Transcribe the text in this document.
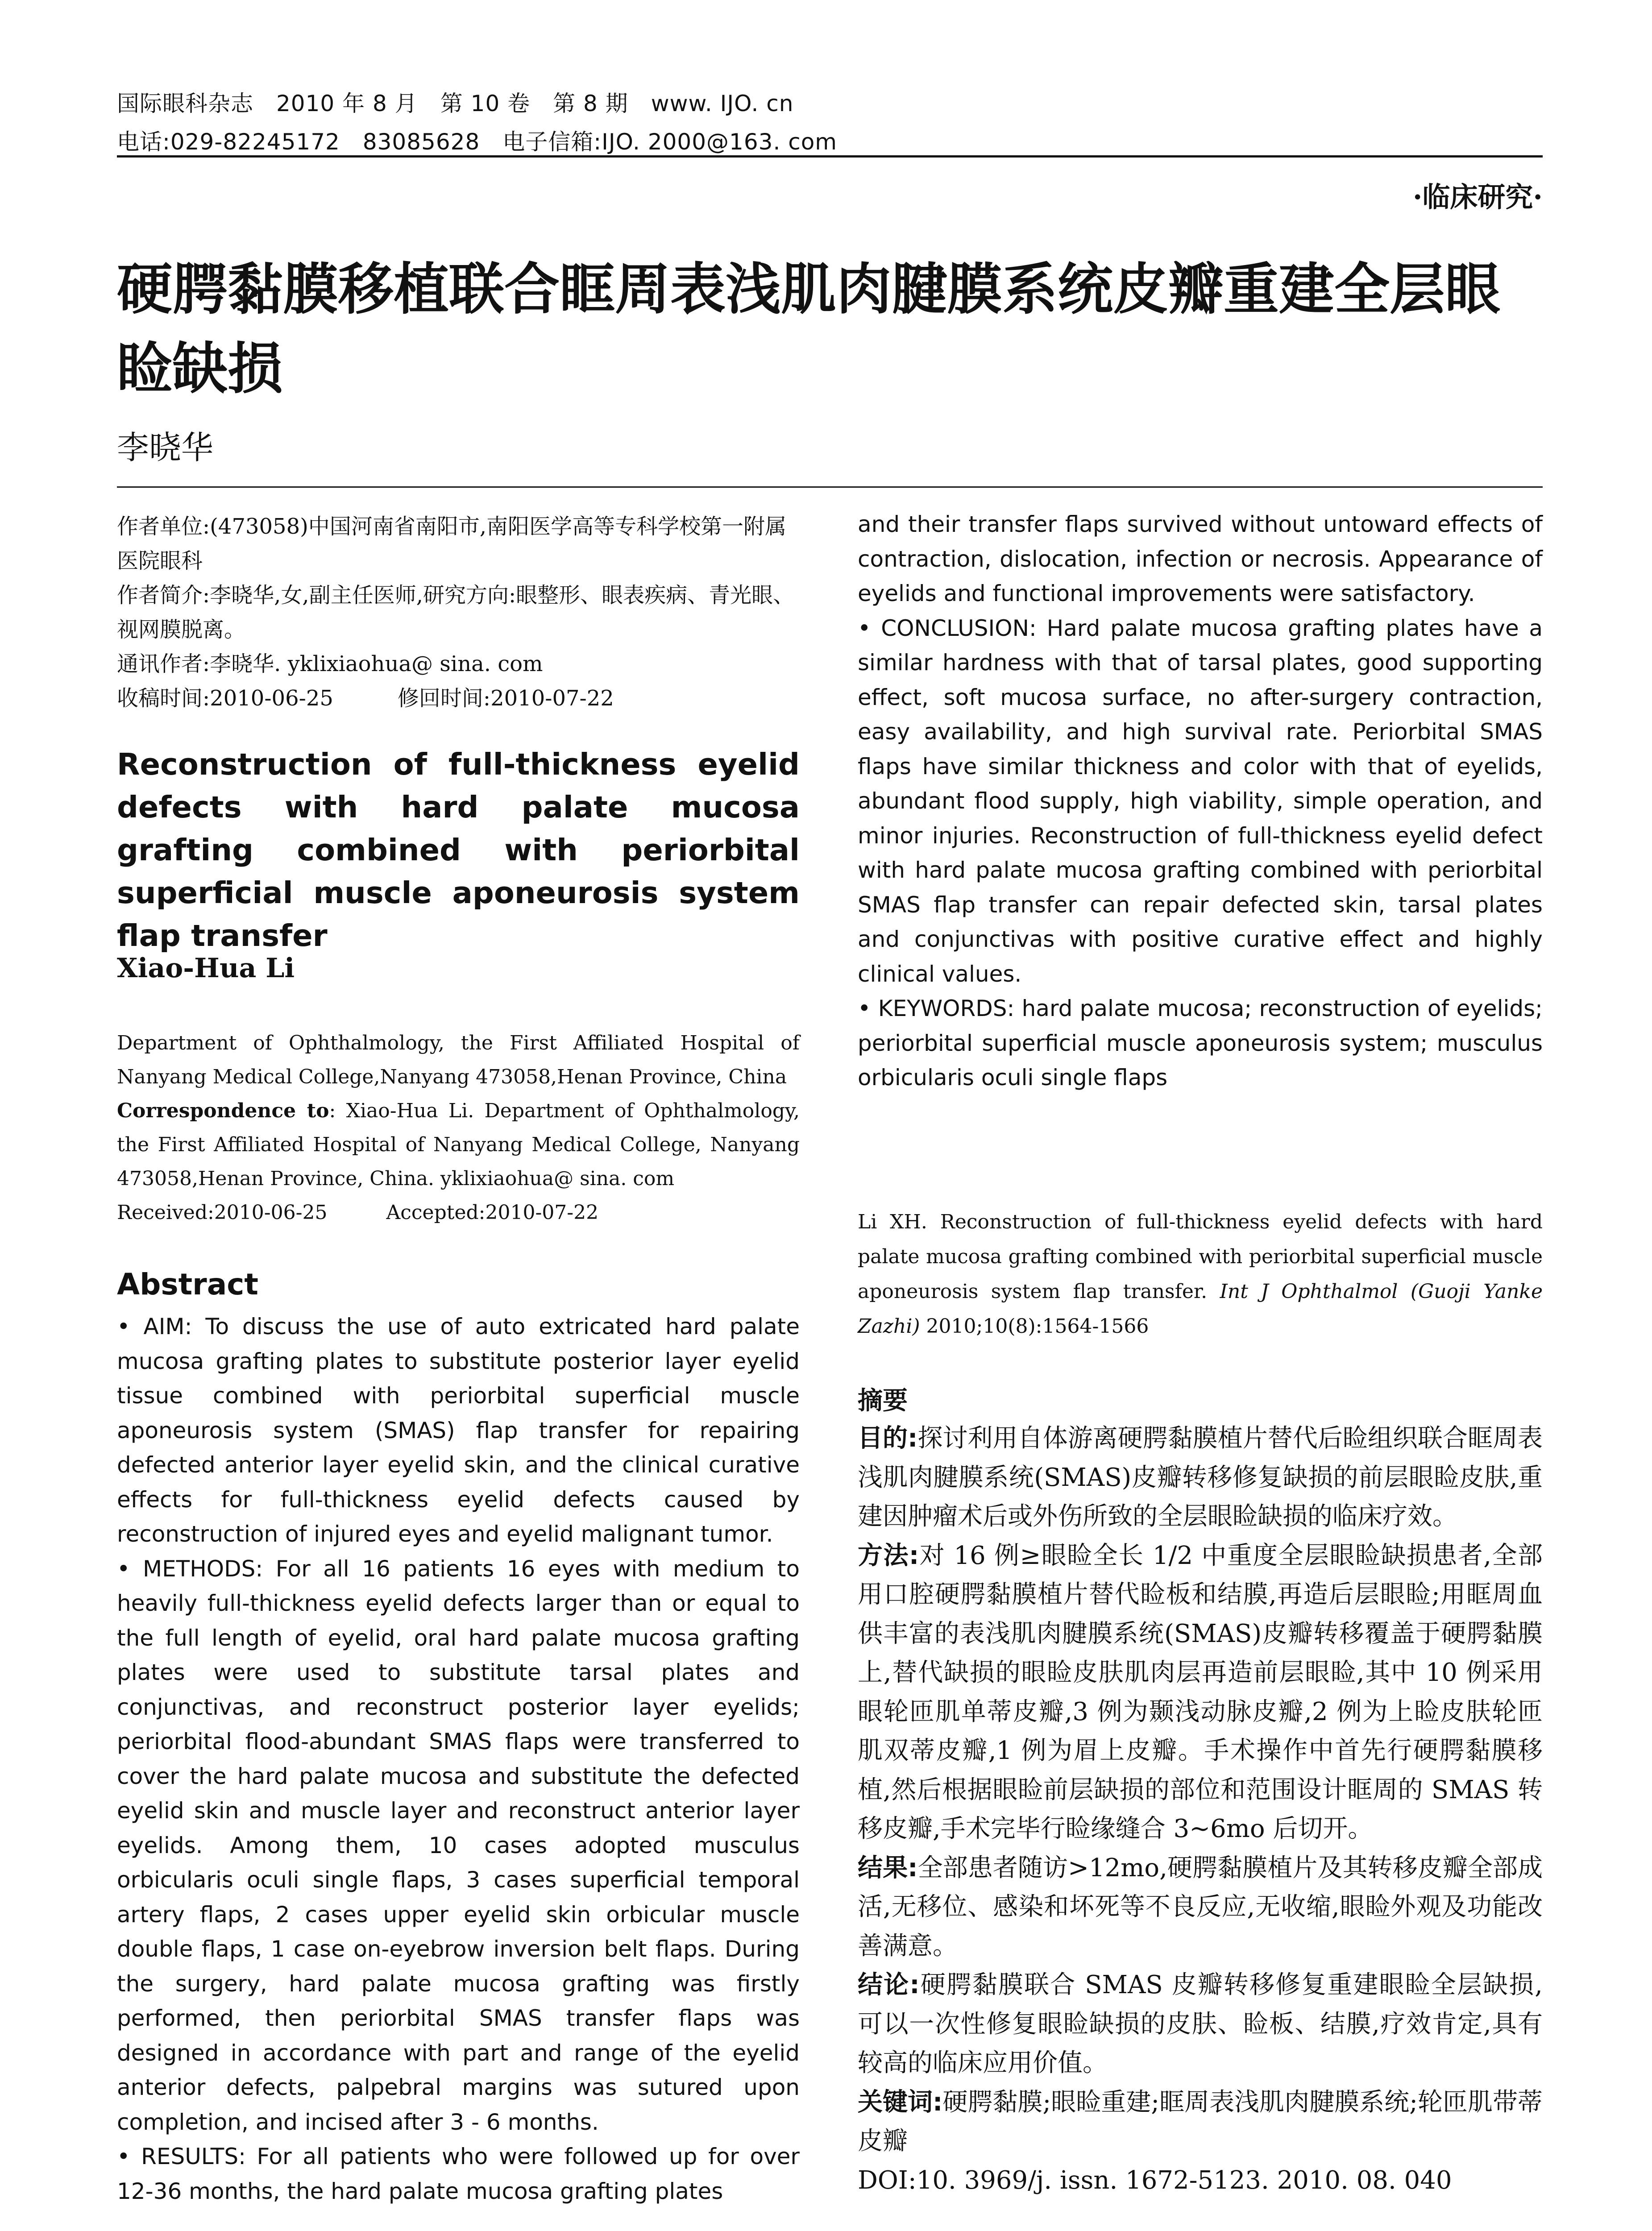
国际眼科杂志　2010 年 8 月　第 10 卷　第 8 期　www. IJO. cn
电话:029-82245172　83085628　电子信箱:IJO. 2000@163. com
·临床研究·
硬腭黏膜移植联合眶周表浅肌肉腱膜系统皮瓣重建全层眼睑缺损
李晓华

作者单位:(473058)中国河南省南阳市,南阳医学高等专科学校第一附属医院眼科

作者简介:李晓华,女,副主任医师,研究方向:眼整形、眼表疾病、青光眼、视网膜脱离。

通讯作者:李晓华. yklixiaohua@ sina. com

收稿时间:2010-06-25　　　修回时间:2010-07-22

Reconstruction of full-thickness eyelid defects with hard palate mucosa grafting combined with periorbital superficial muscle aponeurosis system flap transfer
Xiao-Hua Li

Department of Ophthalmology, the First Affiliated Hospital of Nanyang Medical College,Nanyang 473058,Henan Province, China

Correspondence to: Xiao-Hua Li. Department of Ophthalmology, the First Affiliated Hospital of Nanyang Medical College, Nanyang 473058,Henan Province, China. yklixiaohua@ sina. com

Received:2010-06-25　　　Accepted:2010-07-22

Abstract

• AIM: To discuss the use of auto extricated hard palate mucosa grafting plates to substitute posterior layer eyelid tissue combined with periorbital superficial muscle aponeurosis system (SMAS) flap transfer for repairing defected anterior layer eyelid skin, and the clinical curative effects for full-thickness eyelid defects caused by reconstruction of injured eyes and eyelid malignant tumor.

• METHODS: For all 16 patients 16 eyes with medium to heavily full-thickness eyelid defects larger than or equal to the full length of eyelid, oral hard palate mucosa grafting plates were used to substitute tarsal plates and conjunctivas, and reconstruct posterior layer eyelids; periorbital flood-abundant SMAS flaps were transferred to cover the hard palate mucosa and substitute the defected eyelid skin and muscle layer and reconstruct anterior layer eyelids. Among them, 10 cases adopted musculus orbicularis oculi single flaps, 3 cases superficial temporal artery flaps, 2 cases upper eyelid skin orbicular muscle double flaps, 1 case on-eyebrow inversion belt flaps. During the surgery, hard palate mucosa grafting was firstly performed, then periorbital SMAS transfer flaps was designed in accordance with part and range of the eyelid anterior defects, palpebral margins was sutured upon completion, and incised after 3 - 6 months.

• RESULTS: For all patients who were followed up for over 12-36 months, the hard palate mucosa grafting plates

and their transfer flaps survived without untoward effects of contraction, dislocation, infection or necrosis. Appearance of eyelids and functional improvements were satisfactory.

• CONCLUSION: Hard palate mucosa grafting plates have a similar hardness with that of tarsal plates, good supporting effect, soft mucosa surface, no after-surgery contraction, easy availability, and high survival rate. Periorbital SMAS flaps have similar thickness and color with that of eyelids, abundant flood supply, high viability, simple operation, and minor injuries. Reconstruction of full-thickness eyelid defect with hard palate mucosa grafting combined with periorbital SMAS flap transfer can repair defected skin, tarsal plates and conjunctivas with positive curative effect and highly clinical values.

• KEYWORDS: hard palate mucosa; reconstruction of eyelids; periorbital superficial muscle aponeurosis system; musculus orbicularis oculi single flaps

Li XH. Reconstruction of full-thickness eyelid defects with hard palate mucosa grafting combined with periorbital superficial muscle aponeurosis system flap transfer. Int J Ophthalmol (Guoji Yanke Zazhi) 2010;10(8):1564-1566
摘要

目的:探讨利用自体游离硬腭黏膜植片替代后睑组织联合眶周表浅肌肉腱膜系统(SMAS)皮瓣转移修复缺损的前层眼睑皮肤,重建因肿瘤术后或外伤所致的全层眼睑缺损的临床疗效。

方法:对 16 例≥眼睑全长 1/2 中重度全层眼睑缺损患者,全部用口腔硬腭黏膜植片替代睑板和结膜,再造后层眼睑;用眶周血供丰富的表浅肌肉腱膜系统(SMAS)皮瓣转移覆盖于硬腭黏膜上,替代缺损的眼睑皮肤肌肉层再造前层眼睑,其中 10 例采用眼轮匝肌单蒂皮瓣,3 例为颞浅动脉皮瓣,2 例为上睑皮肤轮匝肌双蒂皮瓣,1 例为眉上皮瓣。手术操作中首先行硬腭黏膜移植,然后根据眼睑前层缺损的部位和范围设计眶周的 SMAS 转移皮瓣,手术完毕行睑缘缝合 3~6mo 后切开。

结果:全部患者随访>12mo,硬腭黏膜植片及其转移皮瓣全部成活,无移位、感染和坏死等不良反应,无收缩,眼睑外观及功能改善满意。

结论:硬腭黏膜联合 SMAS 皮瓣转移修复重建眼睑全层缺损,可以一次性修复眼睑缺损的皮肤、睑板、结膜,疗效肯定,具有较高的临床应用价值。

关键词:硬腭黏膜;眼睑重建;眶周表浅肌肉腱膜系统;轮匝肌带蒂皮瓣

DOI:10. 3969/j. issn. 1672-5123. 2010. 08. 040
